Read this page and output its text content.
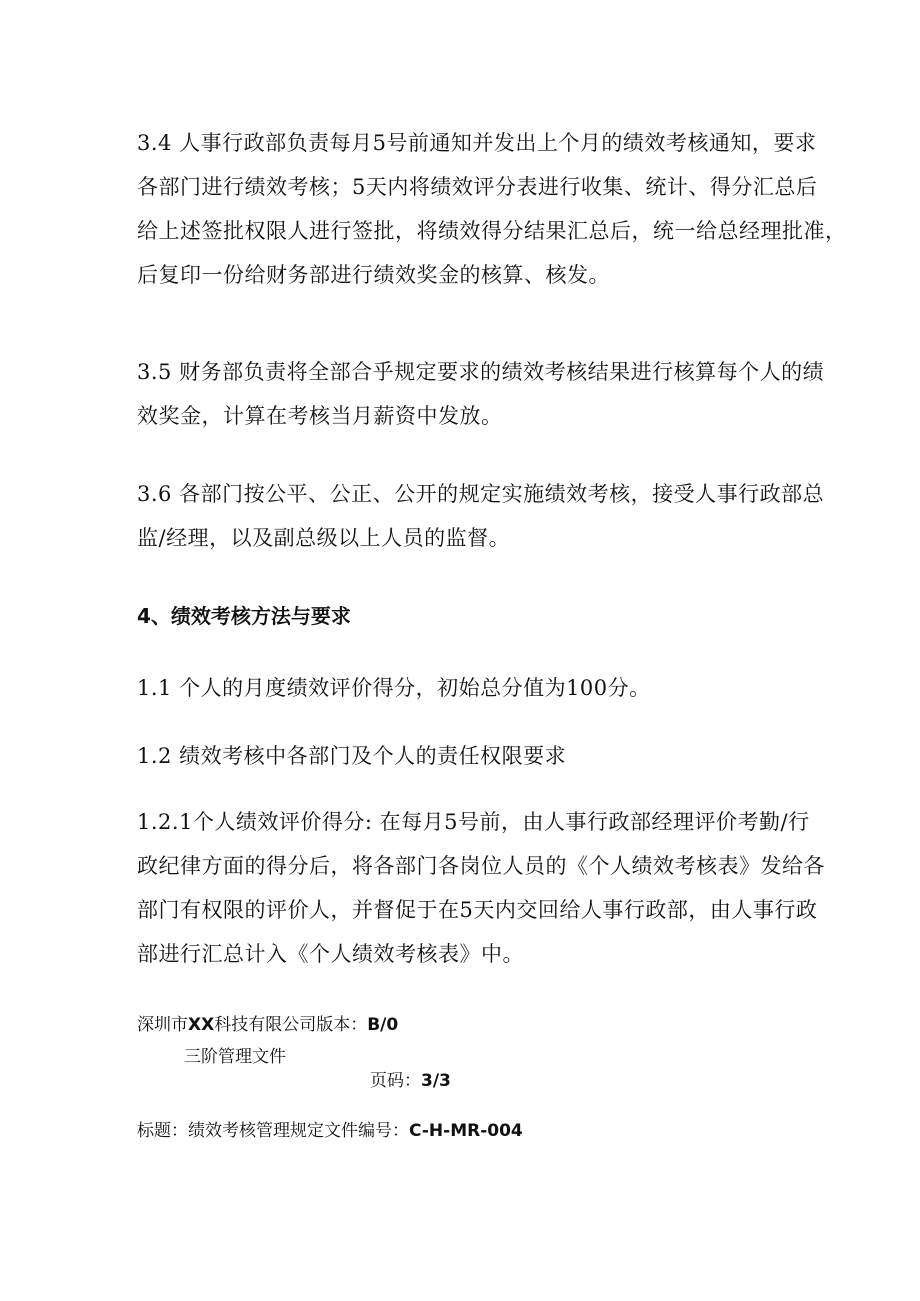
3.4 人事行政部负责每月5号前通知并发出上个月的绩效考核通知，要求
各部门进行绩效考核；5天内将绩效评分表进行收集、统计、得分汇总后
给上述签批权限人进行签批，将绩效得分结果汇总后，统一给总经理批准，
后复印一份给财务部进行绩效奖金的核算、核发。
3.5 财务部负责将全部合乎规定要求的绩效考核结果进行核算每个人的绩
效奖金，计算在考核当月薪资中发放。
3.6 各部门按公平、公正、公开的规定实施绩效考核，接受人事行政部总
监/经理，以及副总级以上人员的监督。
4、绩效考核方法与要求
1.1 个人的月度绩效评价得分，初始总分值为100分。
1.2 绩效考核中各部门及个人的责任权限要求
1.2.1个人绩效评价得分: 在每月5号前，由人事行政部经理评价考勤/行
政纪律方面的得分后，将各部门各岗位人员的《个人绩效考核表》发给各
部门有权限的评价人，并督促于在5天内交回给人事行政部，由人事行政
部进行汇总计入《个人绩效考核表》中。
深圳市XX科技有限公司版本：B/0
三阶管理文件
页码：3/3
标题：绩效考核管理规定文件编号：C-H-MR-004
